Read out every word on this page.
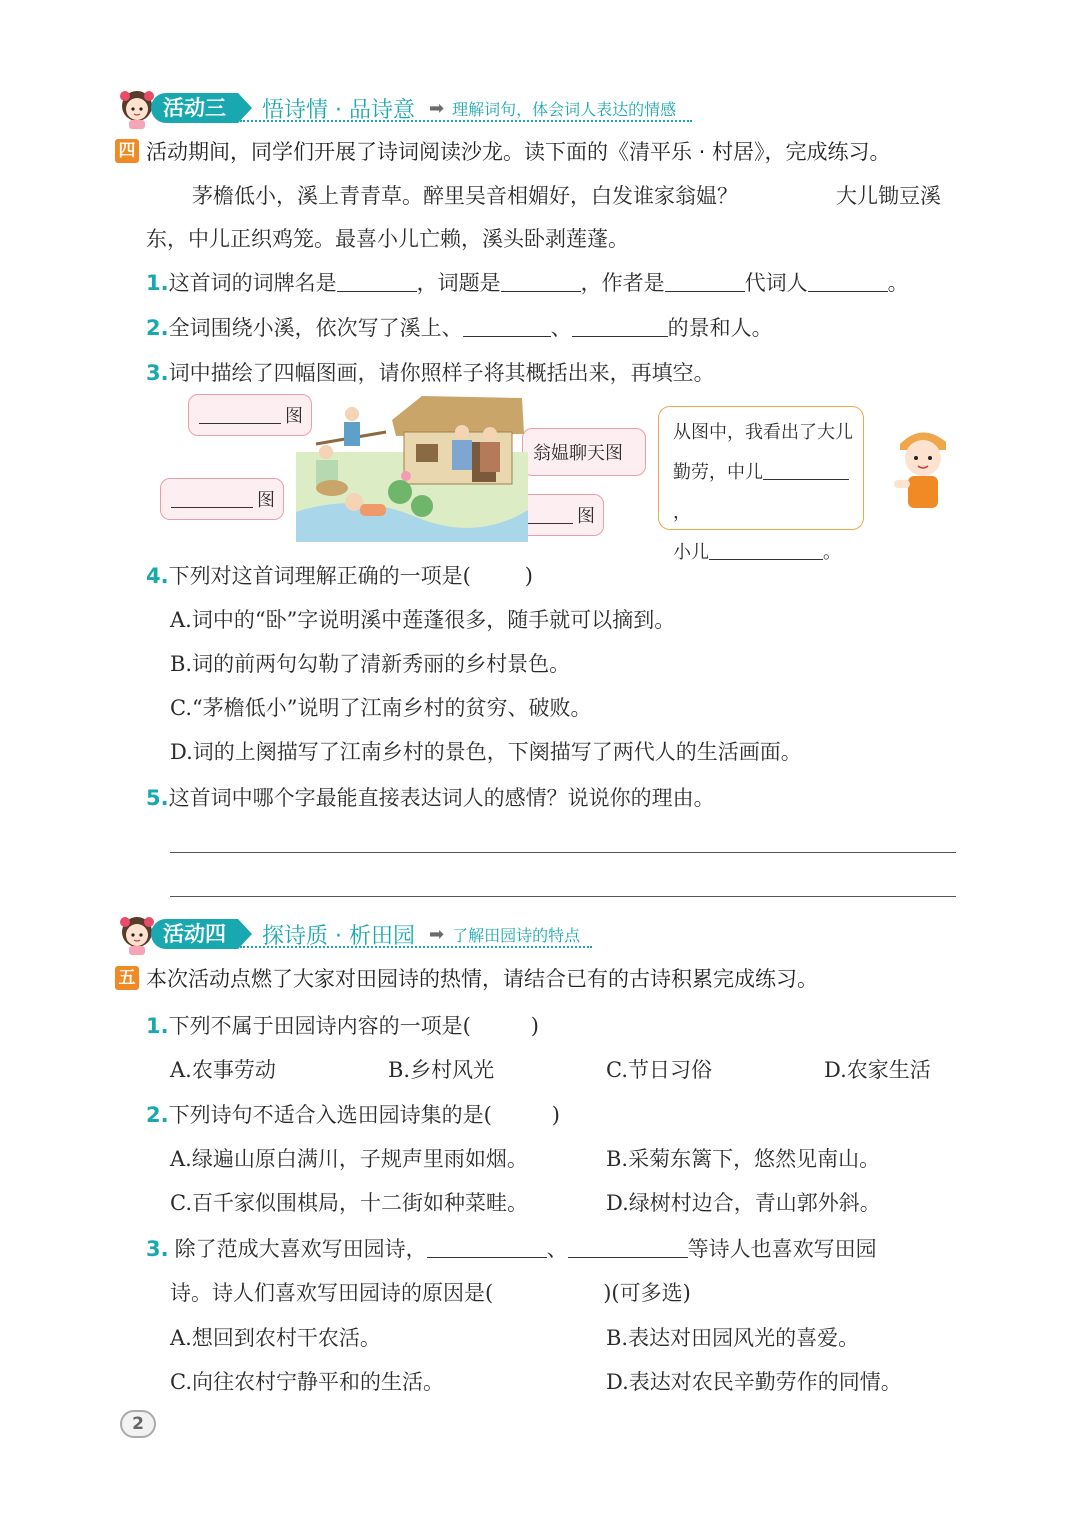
活动三	悟诗情 · 品诗意 ➡ 理解词句，体会词人表达的情感
四 活动期间，同学们开展了诗词阅读沙龙。读下面的《清平乐 · 村居》，完成练习。
茅檐低小，溪上青青草。醉里吴音相媚好，白发谁家翁媪？	大儿锄豆溪
东，中儿正织鸡笼。最喜小儿亡赖，溪头卧剥莲蓬。
1.这首词的词牌名是	，词题是	，作者是	代词人	。
2.全词围绕小溪，依次写了溪上、	、	的景和人。
3.词中描绘了四幅图画，请你照样子将其概括出来，再填空。
图
图
图
翁媪聊天图
从图中，我看出了大儿
勤劳，中儿，
小儿	。
4.下列对这首词理解正确的一项是(	)
A.词中的“卧”字说明溪中莲蓬很多，随手就可以摘到。
B.词的前两句勾勒了清新秀丽的乡村景色。
C.“茅檐低小”说明了江南乡村的贫穷、破败。
D.词的上阕描写了江南乡村的景色，下阕描写了两代人的生活画面。
5.这首词中哪个字最能直接表达词人的感情？说说你的理由。
活动四	探诗质 · 析田园 ➡ 了解田园诗的特点
五 本次活动点燃了大家对田园诗的热情，请结合已有的古诗积累完成练习。
1.下列不属于田园诗内容的一项是(	)
A.农事劳动	B.乡村风光	C.节日习俗	D.农家生活
2.下列诗句不适合入选田园诗集的是(	)
A.绿遍山原白满川，子规声里雨如烟。	B.采菊东篱下，悠然见南山。
C.百千家似围棋局，十二街如种菜畦。	D.绿树村边合，青山郭外斜。
3. 除了范成大喜欢写田园诗，	、	等诗人也喜欢写田园
诗。诗人们喜欢写田园诗的原因是(	)(可多选)
A.想回到农村干农活。	B.表达对田园风光的喜爱。
C.向往农村宁静平和的生活。	D.表达对农民辛勤劳作的同情。
2
